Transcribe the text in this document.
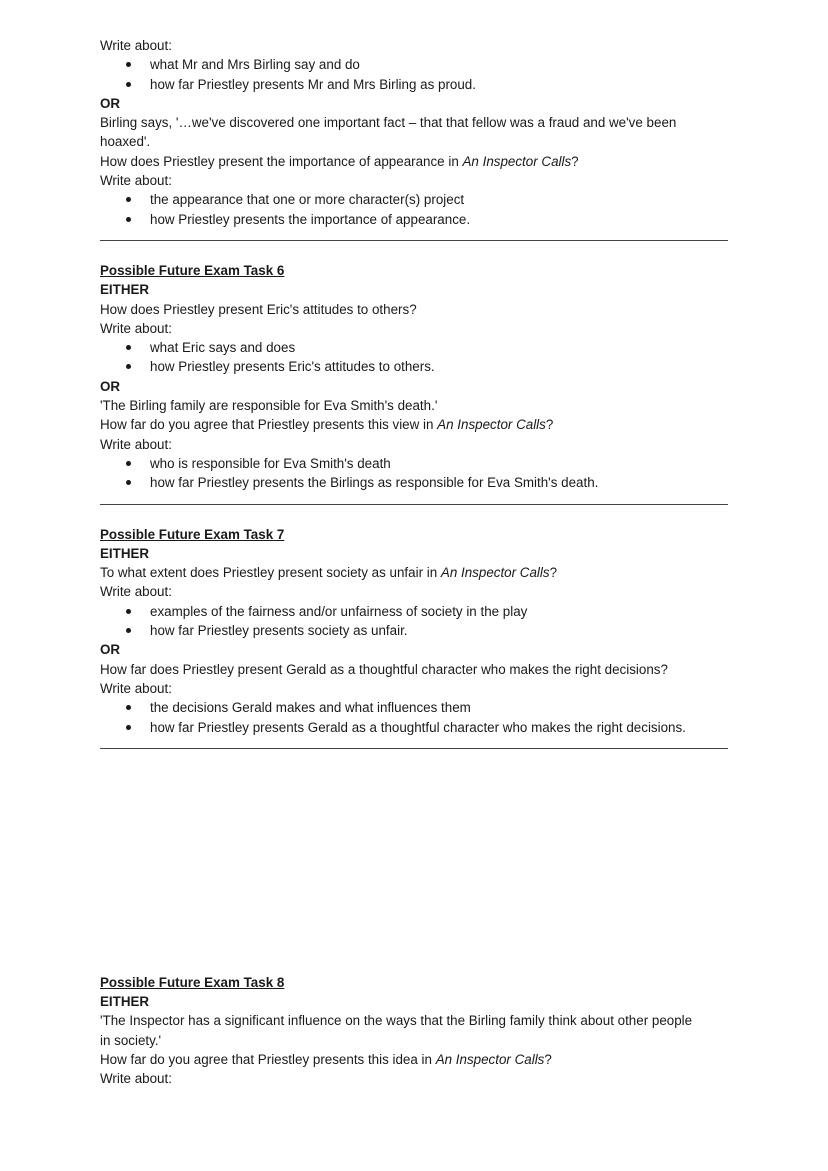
Write about:
what Mr and Mrs Birling say and do
how far Priestley presents Mr and Mrs Birling as proud.
OR
Birling says, '…we've discovered one important fact – that that fellow was a fraud and we've been
hoaxed'.
How does Priestley present the importance of appearance in An Inspector Calls?
Write about:
the appearance that one or more character(s) project
how Priestley presents the importance of appearance.
Possible Future Exam Task 6
EITHER
How does Priestley present Eric's attitudes to others?
Write about:
what Eric says and does
how Priestley presents Eric's attitudes to others.
OR
'The Birling family are responsible for Eva Smith's death.'
How far do you agree that Priestley presents this view in An Inspector Calls?
Write about:
who is responsible for Eva Smith's death
how far Priestley presents the Birlings as responsible for Eva Smith's death.
Possible Future Exam Task 7
EITHER
To what extent does Priestley present society as unfair in An Inspector Calls?
Write about:
examples of the fairness and/or unfairness of society in the play
how far Priestley presents society as unfair.
OR
How far does Priestley present Gerald as a thoughtful character who makes the right decisions?
Write about:
the decisions Gerald makes and what influences them
how far Priestley presents Gerald as a thoughtful character who makes the right decisions.
Possible Future Exam Task 8
EITHER
'The Inspector has a significant influence on the ways that the Birling family think about other people
in society.'
How far do you agree that Priestley presents this idea in An Inspector Calls?
Write about:
